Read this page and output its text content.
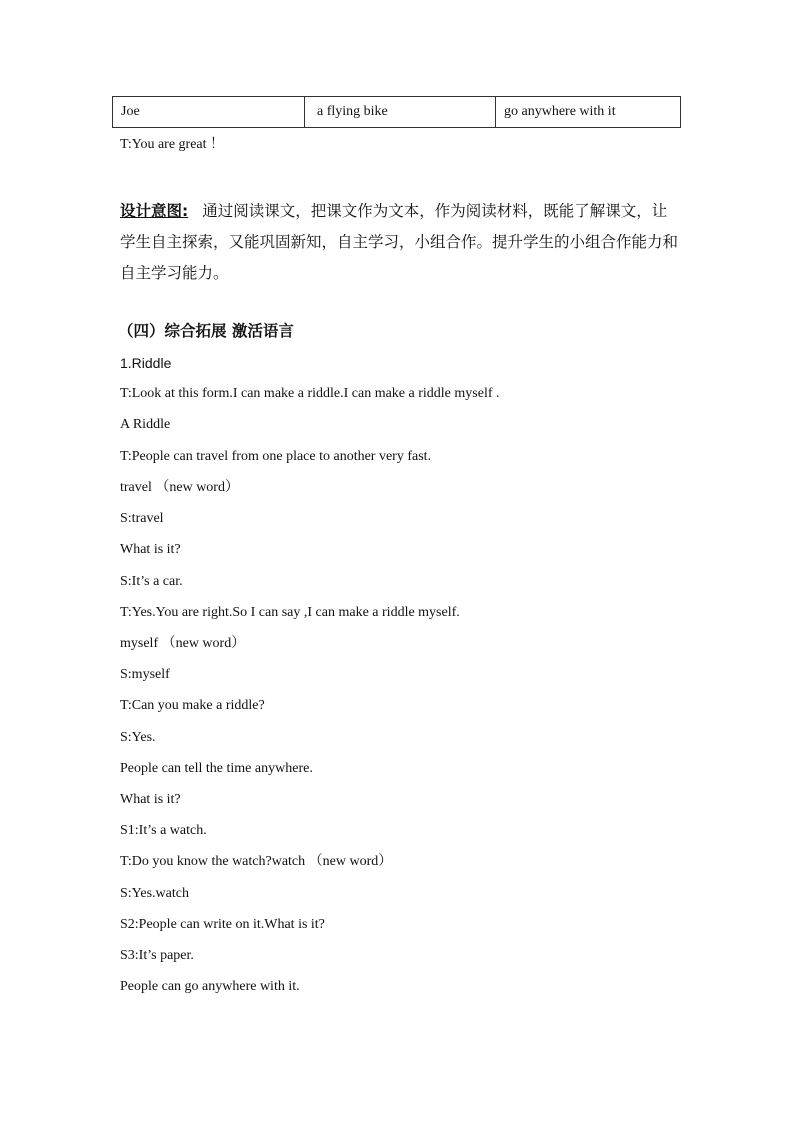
Joe	a flying bike	go anywhere with it
T:You are great ！
设计意图: 通过阅读课文，把课文作为文本，作为阅读材料，既能了解课文，让学生自主探索，又能巩固新知，自主学习，小组合作。提升学生的小组合作能力和自主学习能力。
（四）综合拓展 激活语言
1.Riddle
T:Look at this form.I can make a riddle.I can make a riddle myself .
A Riddle
T:People can travel from one place to another very fast.
travel （new word）
S:travel
What is it?
S:It’s a car.
T:Yes.You are right.So I can say ,I can make a riddle myself.
myself （new word）
S:myself
T:Can you make a riddle?
S:Yes.
People can tell the time anywhere.
What is it?
S1:It’s a watch.
T:Do you know the watch?watch （new word）
S:Yes.watch
S2:People can write on it.What is it?
S3:It’s paper.
People can go anywhere with it.
